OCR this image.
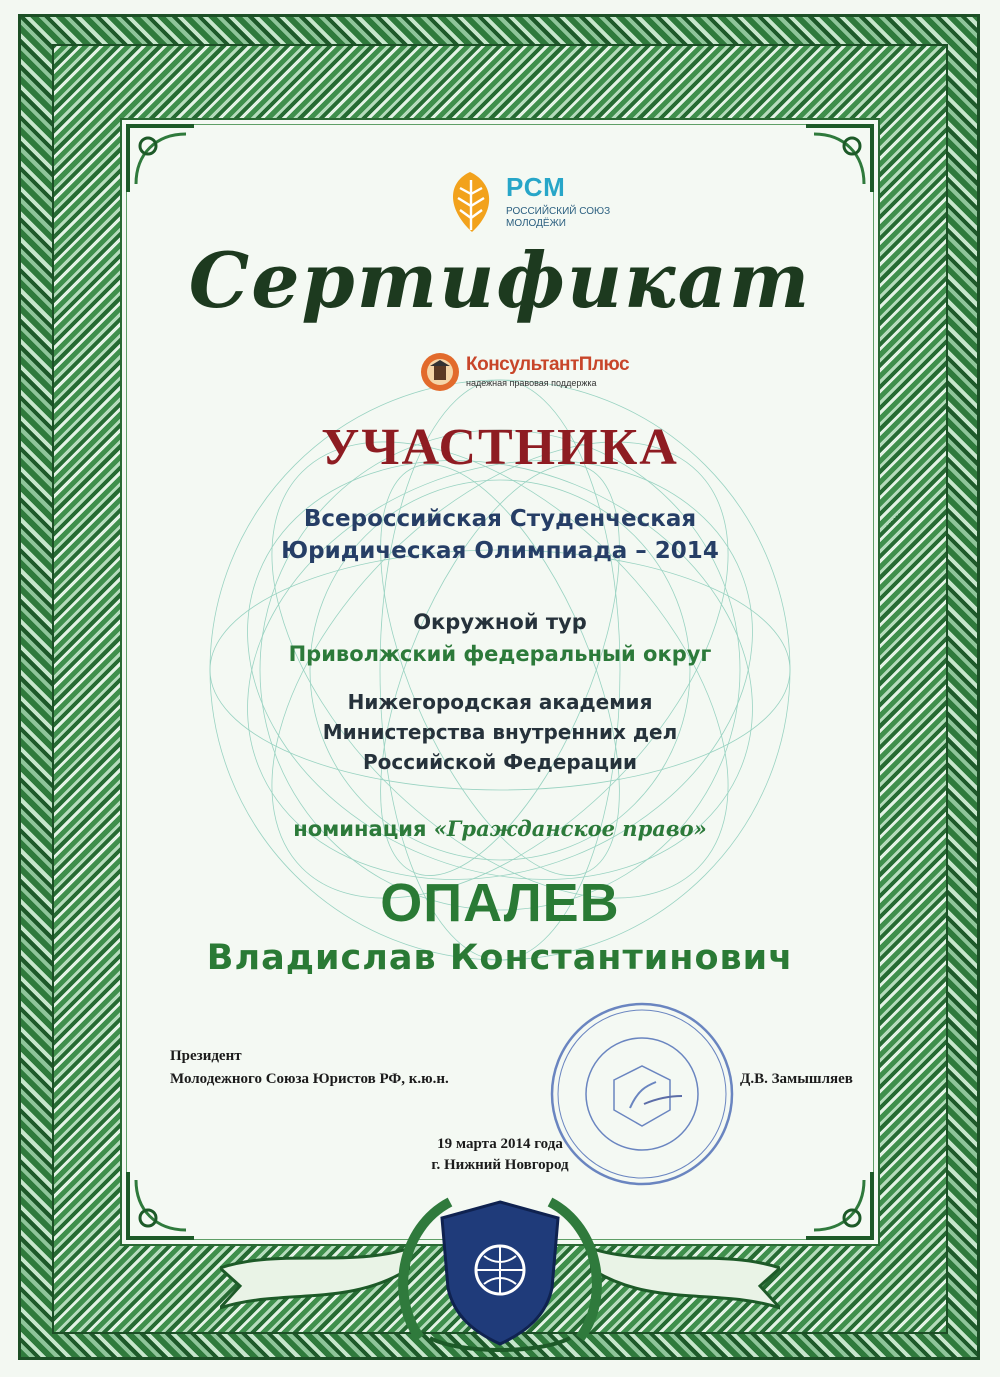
РСМ
РОССИЙСКИЙ СОЮЗ
МОЛОДЁЖИ
Сертификат
КонсультантПлюс
надежная правовая поддержка
УЧАСТНИКА
Всероссийская Студенческая
Юридическая Олимпиада – 2014
Окружной тур
Приволжский федеральный округ
Нижегородская академия
Министерства внутренних дел
Российской Федерации
номинация «Гражданское право»
ОПАЛЕВ
Владислав Константинович
Президент
Молодежного Союза Юристов РФ, к.ю.н.	Д.В. Замышляев
19 марта 2014 года
г. Нижний Новгород
